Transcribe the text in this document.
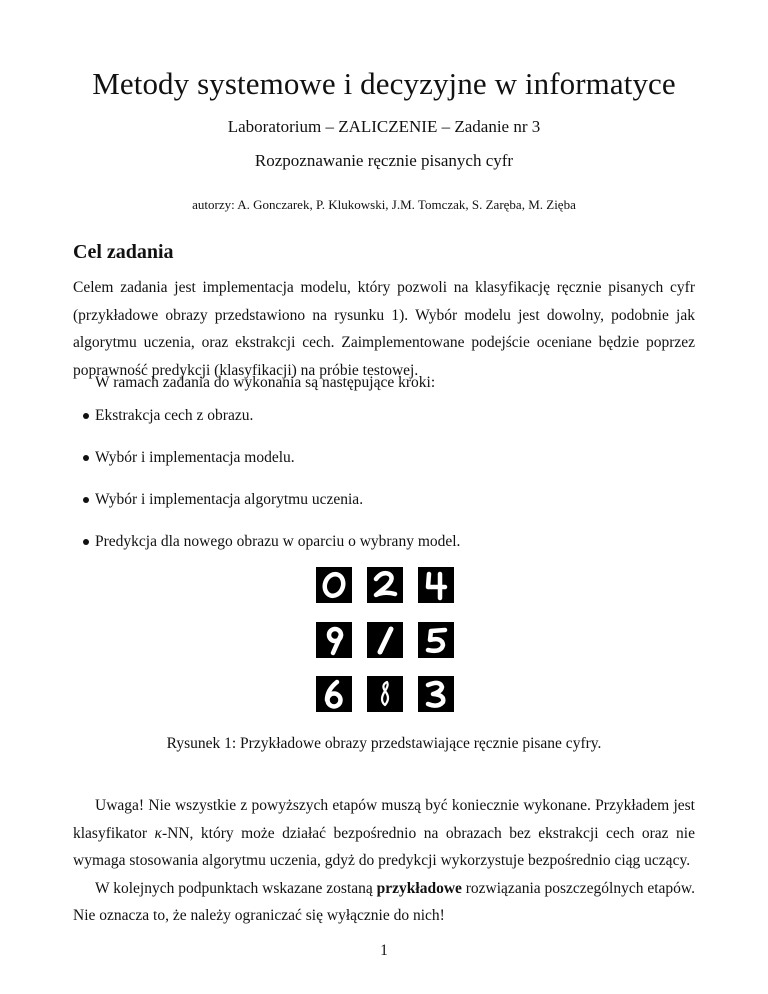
Metody systemowe i decyzyjne w informatyce
Laboratorium – ZALICZENIE – Zadanie nr 3
Rozpoznawanie ręcznie pisanych cyfr
autorzy: A. Gonczarek, P. Klukowski, J.M. Tomczak, S. Zaręba, M. Zięba
Cel zadania
Celem zadania jest implementacja modelu, który pozwoli na klasyfikację ręcznie pisanych cyfr (przykładowe obrazy przedstawiono na rysunku 1). Wybór modelu jest dowolny, podobnie jak algorytmu uczenia, oraz ekstrakcji cech. Zaimplementowane podejście oceniane będzie poprzez poprawność predykcji (klasyfikacji) na próbie testowej.
W ramach zadania do wykonania są następujące kroki:
Ekstrakcja cech z obrazu.
Wybór i implementacja modelu.
Wybór i implementacja algorytmu uczenia.
Predykcja dla nowego obrazu w oparciu o wybrany model.
Rysunek 1: Przykładowe obrazy przedstawiające ręcznie pisane cyfry.
Uwaga! Nie wszystkie z powyższych etapów muszą być koniecznie wykonane. Przykładem jest klasyfikator κ-NN, który może działać bezpośrednio na obrazach bez ekstrakcji cech oraz nie wymaga stosowania algorytmu uczenia, gdyż do predykcji wykorzystuje bezpośrednio ciąg uczący.
W kolejnych podpunktach wskazane zostaną przykładowe rozwiązania poszczególnych etapów. Nie oznacza to, że należy ograniczać się wyłącznie do nich!
1
